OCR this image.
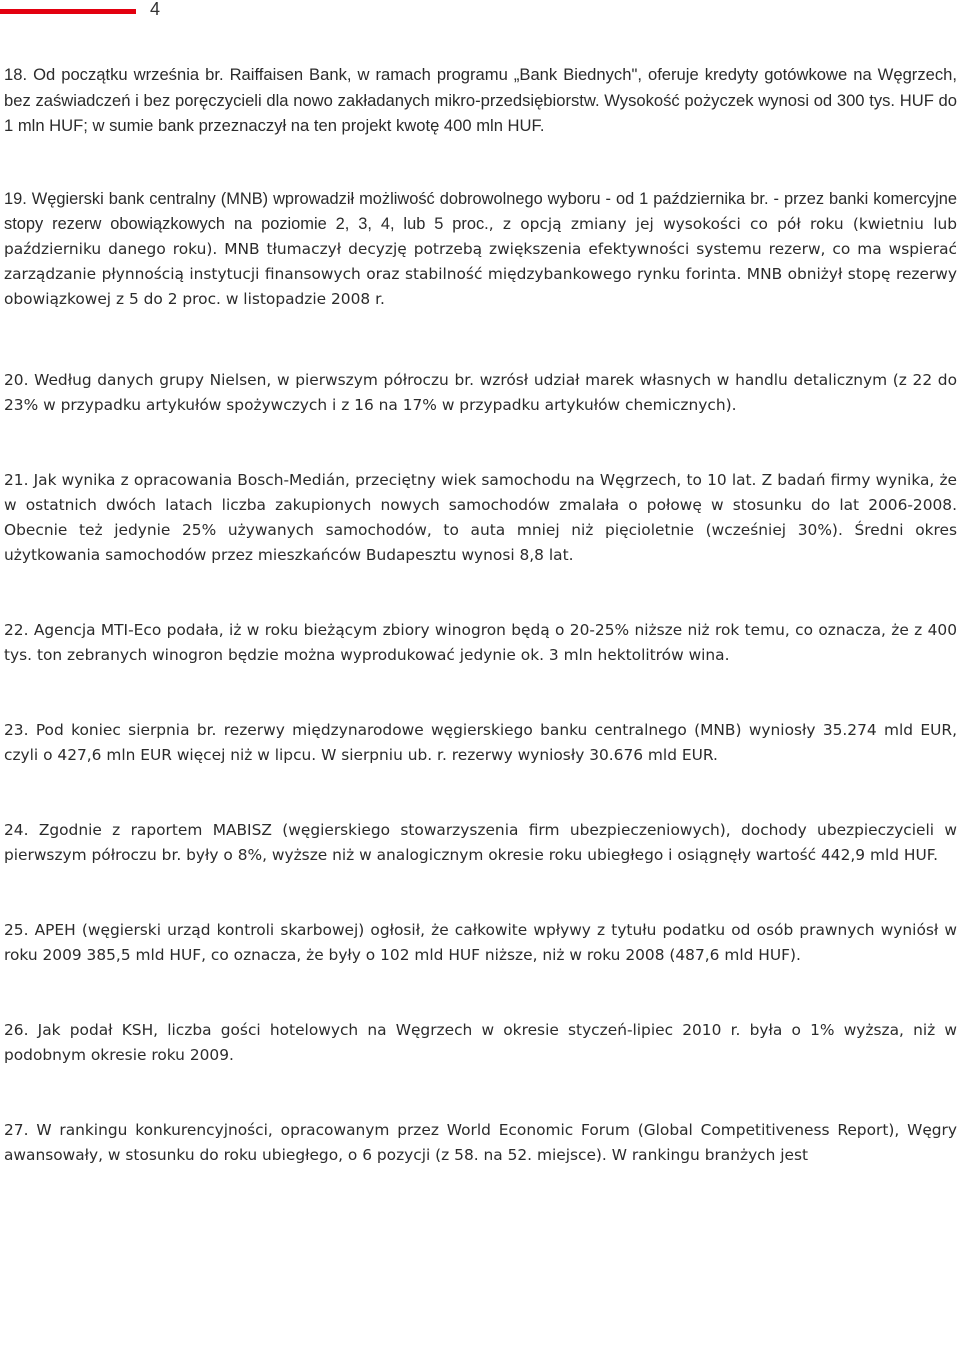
4

18. Od początku września br. Raiffaisen Bank, w ramach programu „Bank Biednych", oferuje kredyty gotówkowe na Węgrzech, bez zaświadczeń i bez poręczycieli dla nowo zakładanych mikro-przedsiębiorstw. Wysokość pożyczek wynosi od 300 tys. HUF do 1 mln HUF; w sumie bank przeznaczył na ten projekt kwotę 400 mln HUF.

19. Węgierski bank centralny (MNB) wprowadził możliwość dobrowolnego wyboru - od 1 października br. - przez banki komercyjne stopy rezerw obowiązkowych na poziomie 2, 3, 4, lub 5 proc., z opcją zmiany jej wysokości co pół roku (kwietniu lub październiku danego roku). MNB tłumaczył decyzję potrzebą zwiększenia efektywności systemu rezerw, co ma wspierać zarządzanie płynnością instytucji finansowych oraz stabilność międzybankowego rynku forinta. MNB obniżył stopę rezerwy obowiązkowej z 5 do 2 proc. w listopadzie 2008 r.

20. Według danych grupy Nielsen, w pierwszym półroczu br. wzrósł udział marek własnych w handlu detalicznym (z 22 do 23% w przypadku artykułów spożywczych i z 16 na 17% w przypadku artykułów chemicznych).

21. Jak wynika z opracowania Bosch-Medián, przeciętny wiek samochodu na Węgrzech, to 10 lat. Z badań firmy wynika, że w ostatnich dwóch latach liczba zakupionych nowych samochodów zmalała o połowę w stosunku do lat 2006-2008. Obecnie też jedynie 25% używanych samochodów, to auta mniej niż pięcioletnie (wcześniej 30%). Średni okres użytkowania samochodów przez mieszkańców Budapesztu wynosi 8,8 lat.

22. Agencja MTI-Eco podała, iż w roku bieżącym zbiory winogron będą o 20-25% niższe niż rok temu, co oznacza, że z 400 tys. ton zebranych winogron będzie można wyprodukować jedynie ok. 3 mln hektolitrów wina.

23. Pod koniec sierpnia br. rezerwy międzynarodowe węgierskiego banku centralnego (MNB) wyniosły 35.274 mld EUR, czyli o 427,6 mln EUR więcej niż w lipcu. W sierpniu ub. r. rezerwy wyniosły 30.676 mld EUR.

24. Zgodnie z raportem MABISZ (węgierskiego stowarzyszenia firm ubezpieczeniowych), dochody ubezpieczycieli w pierwszym półroczu br. były o 8%, wyższe niż w analogicznym okresie roku ubiegłego i osiągnęły wartość 442,9 mld HUF.

25. APEH (węgierski urząd kontroli skarbowej) ogłosił, że całkowite wpływy z tytułu podatku od osób prawnych wyniósł w roku 2009 385,5 mld HUF, co oznacza, że były o 102 mld HUF niższe, niż w roku 2008 (487,6 mld HUF).

26. Jak podał KSH, liczba gości hotelowych na Węgrzech w okresie styczeń-lipiec 2010 r. była o 1% wyższa, niż w podobnym okresie roku 2009.

27. W rankingu konkurencyjności, opracowanym przez World Economic Forum (Global Competitiveness Report), Węgry awansowały, w stosunku do roku ubiegłego, o 6 pozycji (z 58. na 52. miejsce). W rankingu branżych jest
